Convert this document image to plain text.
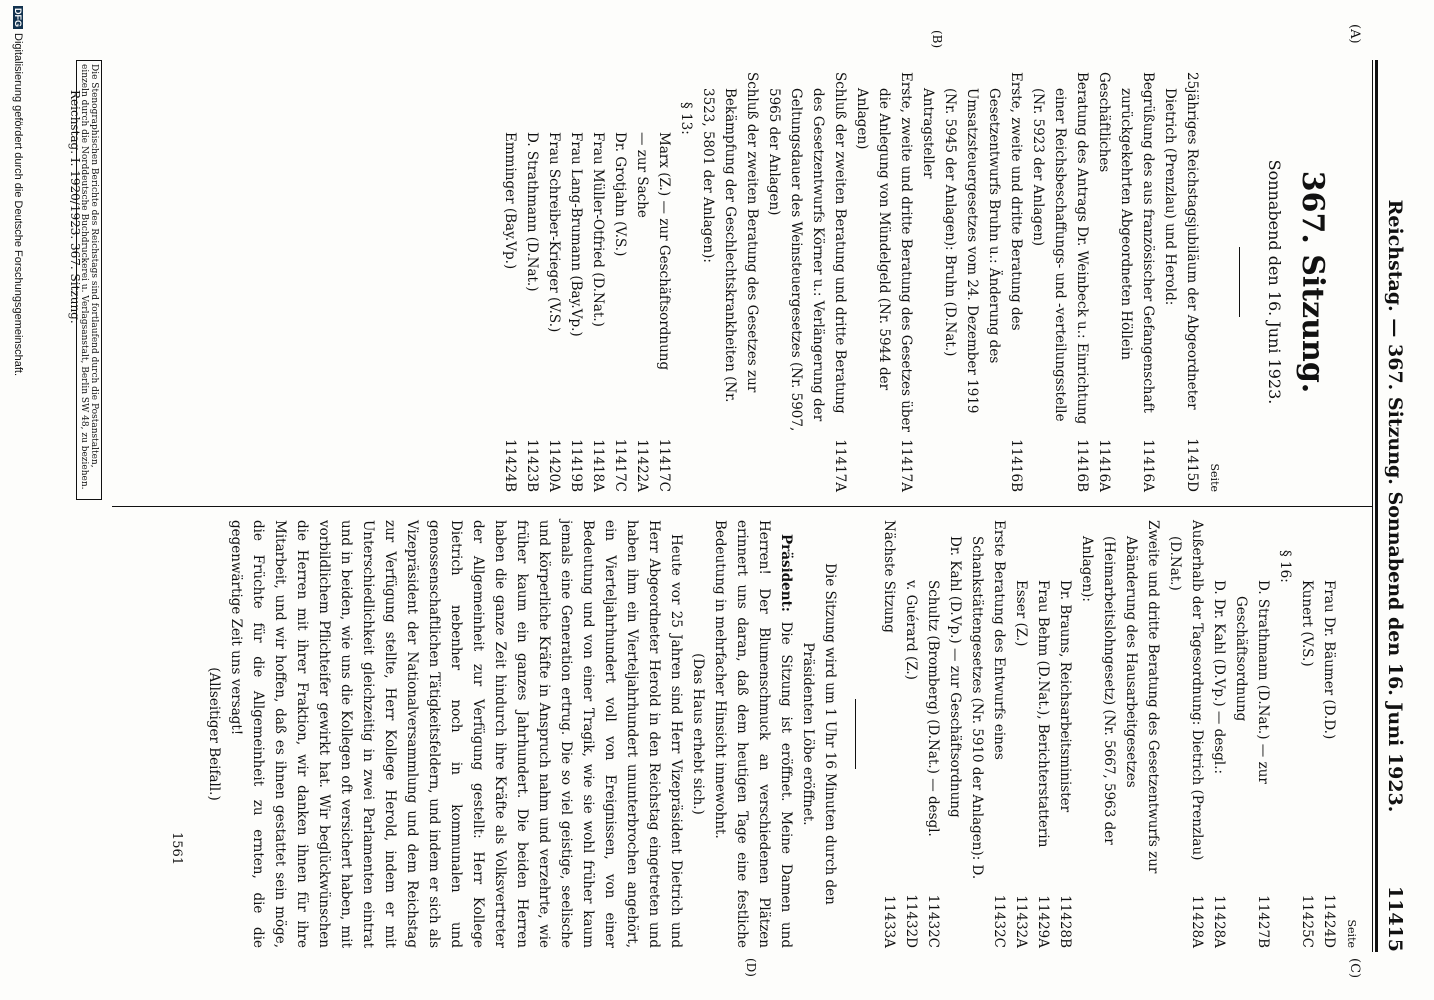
Reichstag. — 367. Sitzung. Sonnabend den 16. Juni 1923.
11415
(A)
(B)
(C)
(D)
367. Sitzung.
Sonnabend den 16. Juni 1923.
Seite
25jähriges Reichstagsjubiläum der Abgeordneter Dietrich (Prenzlau) und Herold:
11415D
Begrüßung des aus französischer Gefangenschaft zurückgekehrten Abgeordneten Höllein
11416A
Geschäftliches
11416A
Beratung des Antrags Dr. Weinbeck u.: Einrichtung einer Reichsbeschaffungs- und -verteilungsstelle (Nr. 5923 der Anlagen)
11416B
Erste, zweite und dritte Beratung des Gesetzentwurfs Bruhn u.: Änderung des Umsatzsteuergesetzes vom 24. Dezember 1919 (Nr. 5945 der Anlagen): Bruhn (D.Nat.) Antragsteller
11416B
Erste, zweite und dritte Beratung des Gesetzes über die Anlegung von Mündelgeld (Nr. 5944 der Anlagen)
11417A
Schluß der zweiten Beratung und dritte Beratung des Gesetzentwurfs Körner u.: Verlängerung der Geltungsdauer des Weinsteuergesetzes (Nr. 5907, 5965 der Anlagen)
11417A
Schluß der zweiten Beratung des Gesetzes zur Bekämpfung der Geschlechtskrankheiten (Nr. 3523, 5801 der Anlagen):
§ 13:
Marx (Z.) — zur Geschäftsordnung
11417C
— zur Sache
11422A
Dr. Grotjahn (V.S.)
11417C
Frau Müller-Otfried (D.Nat.)
11418A
Frau Lang-Brumann (Bay.Vp.)
11419B
Frau Schreiber-Krieger (V.S.)
11420A
D. Strathmann (D.Nat.)
11423B
Emminger (Bay.Vp.)
11424B
Seite
Frau Dr. Bäumer (D.D.)
11424D
Kunert (V.S.)
11425C
§ 16:
D. Strathmann (D.Nat.) — zur Geschäftsordnung
11427B
D. Dr. Kahl (D.Vp.) — desgl.:
11428A
Außerhalb der Tagesordnung: Dietrich (Prenzlau) (D.Nat.)
11428A
Zweite und dritte Beratung des Gesetzentwurfs zur Abänderung des Hausarbeitgesetzes (Heimarbeitslohngesetz) (Nr. 5667, 5963 der Anlagen):
Dr. Brauns, Reichsarbeitsminister
11428B
Frau Behm (D.Nat.), Berichterstatterin
11429A
Esser (Z.)
11432A
Erste Beratung des Entwurfs eines Schankstättengesetzes (Nr. 5910 der Anlagen): D. Dr. Kahl (D.Vp.) — zur Geschäftsordnung
11432C
Schultz (Bromberg) (D.Nat.) — desgl.
11432C
v. Guérard (Z.)
11432D
Nächste Sitzung
11433A
Die Sitzung wird um 1 Uhr 16 Minuten durch den Präsidenten Löbe eröffnet.
Präsident: Die Sitzung ist eröffnet. Meine Damen und Herren! Der Blumenschmuck an verschiedenen Plätzen erinnert uns daran, daß dem heutigen Tage eine festliche Bedeutung in mehrfacher Hinsicht innewohnt.
(Das Haus erhebt sich.)
Heute vor 25 Jahren sind Herr Vizepräsident Dietrich und Herr Abgeordneter Herold in den Reichstag eingetreten und haben ihm ein Vierteljahrhundert ununterbrochen angehört, ein Vierteljahrhundert voll von Ereignissen, von einer Bedeutung und von einer Tragik, wie sie wohl früher kaum jemals eine Generation ertrug. Die so viel geistige, seelische und körperliche Kräfte in Anspruch nahm und verzehrte, wie früher kaum ein ganzes Jahrhundert. Die beiden Herren haben die ganze Zeit hindurch ihre Kräfte als Volksvertreter der Allgemeinheit zur Verfügung gestellt: Herr Kollege Dietrich nebenher noch in kommunalen und genossenschaftlichen Tätigkeitsfeldern, und indem er sich als Vizepräsident der Nationalversammlung und dem Reichstag zur Verfügung stellte, Herr Kollege Herold, indem er mit Unterschiedlichkeit gleichzeitig in zwei Parlamenten eintrat und in beiden, wie uns die Kollegen oft versichert haben, mit vorbildlichem Pflichteifer gewirkt hat. Wir beglückwünschen die Herren mit ihrer Fraktion, wir danken ihnen für ihre Mitarbeit, und wir hoffen, daß es ihnen gestattet sein möge, die Früchte für die Allgemeinheit zu ernten, die die gegenwärtige Zeit uns versagt!
(Allseitiger Beifall.)
1561
Die Stenographischen Berichte des Reichstags sind fortlaufend durch die Postanstalten, einzeln durch die Norddeutsche Buchdruckerei u. Verlagsanstalt, Berlin SW 48, zu beziehen.
Reichstag. I. 1920/1923. 367. Sitzung.
DFGDigitalisierung gefördert durch die Deutsche Forschungsgemeinschaft.
